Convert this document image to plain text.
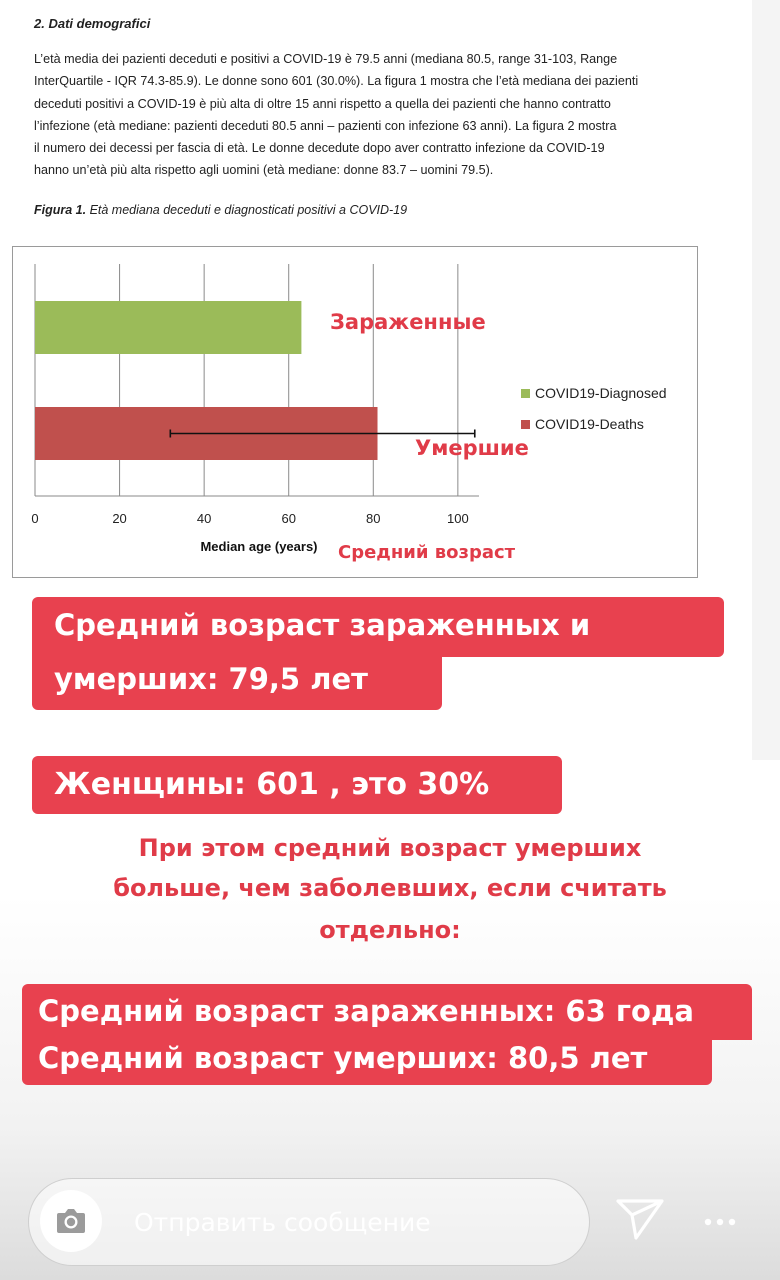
2. Dati demografici

L’età media dei pazienti deceduti e positivi a COVID-19 è 79.5 anni (mediana 80.5, range 31-103, Range

InterQuartile - IQR 74.3-85.9). Le donne sono 601 (30.0%). La figura 1 mostra che l’età mediana dei pazienti

deceduti positivi a COVID-19 è più alta di oltre 15 anni rispetto a quella dei pazienti che hanno contratto

l’infezione (età mediane: pazienti deceduti 80.5 anni – pazienti con infezione 63 anni). La figura 2 mostra

il numero dei decessi per fascia di età. Le donne decedute dopo aver contratto infezione da COVID-19

hanno un’età più alta rispetto agli uomini (età mediane: donne 83.7 – uomini 79.5).

Figura 1. Età mediana deceduti e diagnosticati positivi a COVID-19
0	20	40	60	80	100
Median age (years)
COVID19-Diagnosed
COVID19-Deaths
Зараженные
Умершие
Средний возраст
Средний возраст зараженных и
умерших: 79,5 лет
Женщины: 601 , это 30%
При этом средний возраст умерших
больше, чем заболевших, если считать
отдельно:
Средний возраст зараженных: 63 года
Средний возраст умерших: 80,5 лет
Отправить сообщение
